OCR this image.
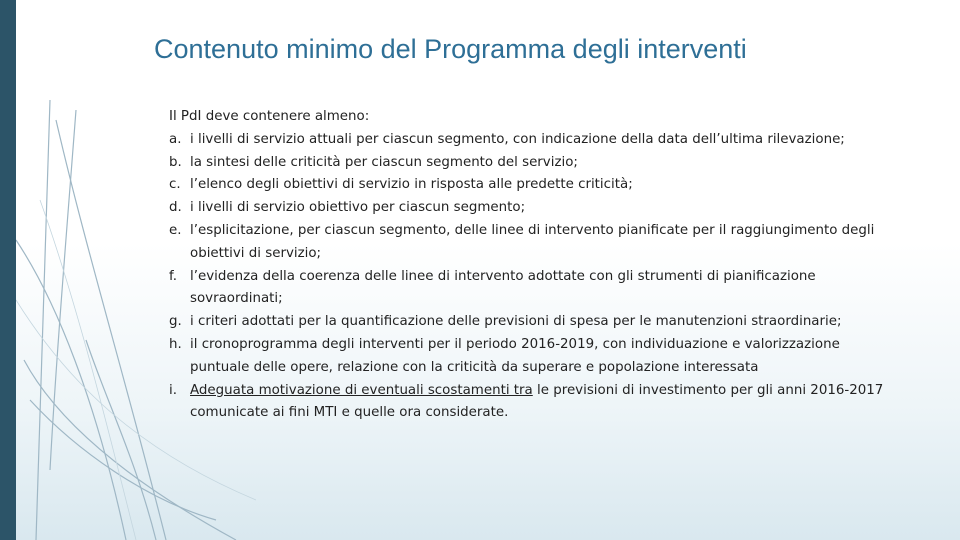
Contenuto minimo del Programma degli interventi

Il PdI deve contenere almeno:

a. i livelli di servizio attuali per ciascun segmento, con indicazione della data dell’ultima rilevazione;
b. la sintesi delle criticità per ciascun segmento del servizio;
c. l’elenco degli obiettivi di servizio in risposta alle predette criticità;
d. i livelli di servizio obiettivo per ciascun segmento;
e. l’esplicitazione, per ciascun segmento, delle linee di intervento pianificate per il raggiungimento degli obiettivi di servizio;
f. l’evidenza della coerenza delle linee di intervento adottate con gli strumenti di pianificazione sovraordinati;
g. i criteri adottati per la quantificazione delle previsioni di spesa per le manutenzioni straordinarie;
h. il cronoprogramma degli interventi per il periodo 2016-2019, con individuazione e valorizzazione puntuale delle opere, relazione con la criticità da superare e popolazione interessata
i. Adeguata motivazione di eventuali scostamenti tra le previsioni di investimento per gli anni 2016-2017 comunicate ai fini MTI e quelle ora considerate.
